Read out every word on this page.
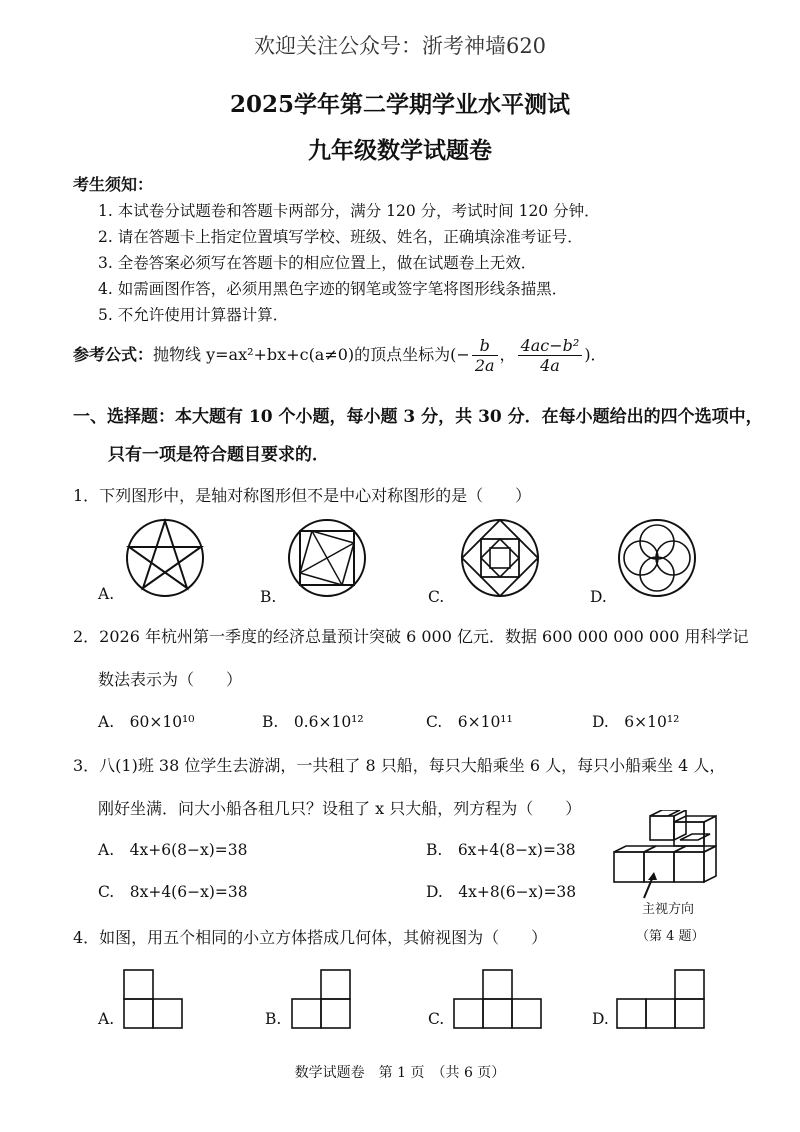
欢迎关注公众号：浙考神墙620
2025学年第二学期学业水平测试
九年级数学试题卷
考生须知：
1. 本试卷分试题卷和答题卡两部分，满分 120 分，考试时间 120 分钟．
2. 请在答题卡上指定位置填写学校、班级、姓名，正确填涂准考证号．
3. 全卷答案必须写在答题卡的相应位置上，做在试题卷上无效．
4. 如需画图作答，必须用黑色字迹的钢笔或签字笔将图形线条描黑．
5. 不允许使用计算器计算．
参考公式：抛物线 y=ax²+bx+c(a≠0)的顶点坐标为(− $\frac{b}{2a}$ ， $\frac{\text{4ac−b²}}{4a}$ )．
一、选择题：本大题有 10 个小题，每小题 3 分，共 30 分．在每小题给出的四个选项中，
只有一项是符合题目要求的．
1．下列图形中，是轴对称图形但不是中心对称图形的是（　　）
A.	B.	C.	D.
2．2026 年杭州第一季度的经济总量预计突破 6 000 亿元．数据 600 000 000 000 用科学记
数法表示为（　　）
A.　60×10¹⁰	B.　0.6×10¹²	C.　6×10¹¹	D.　6×10¹²
3．八(1)班 38 位学生去游湖，一共租了 8 只船，每只大船乘坐 6 人，每只小船乘坐 4 人，
刚好坐满．问大小船各租几只？设租了 x 只大船，列方程为（　　）
A.　4x+6(8−x)=38	B.　6x+4(8−x)=38
C.　8x+4(6−x)=38	D.　4x+8(6−x)=38
主视方向
（第 4 题）
4．如图，用五个相同的小立方体搭成几何体，其俯视图为（　　）
A.	B.	C.	D.
数学试题卷　第 1 页　（共 6 页）
